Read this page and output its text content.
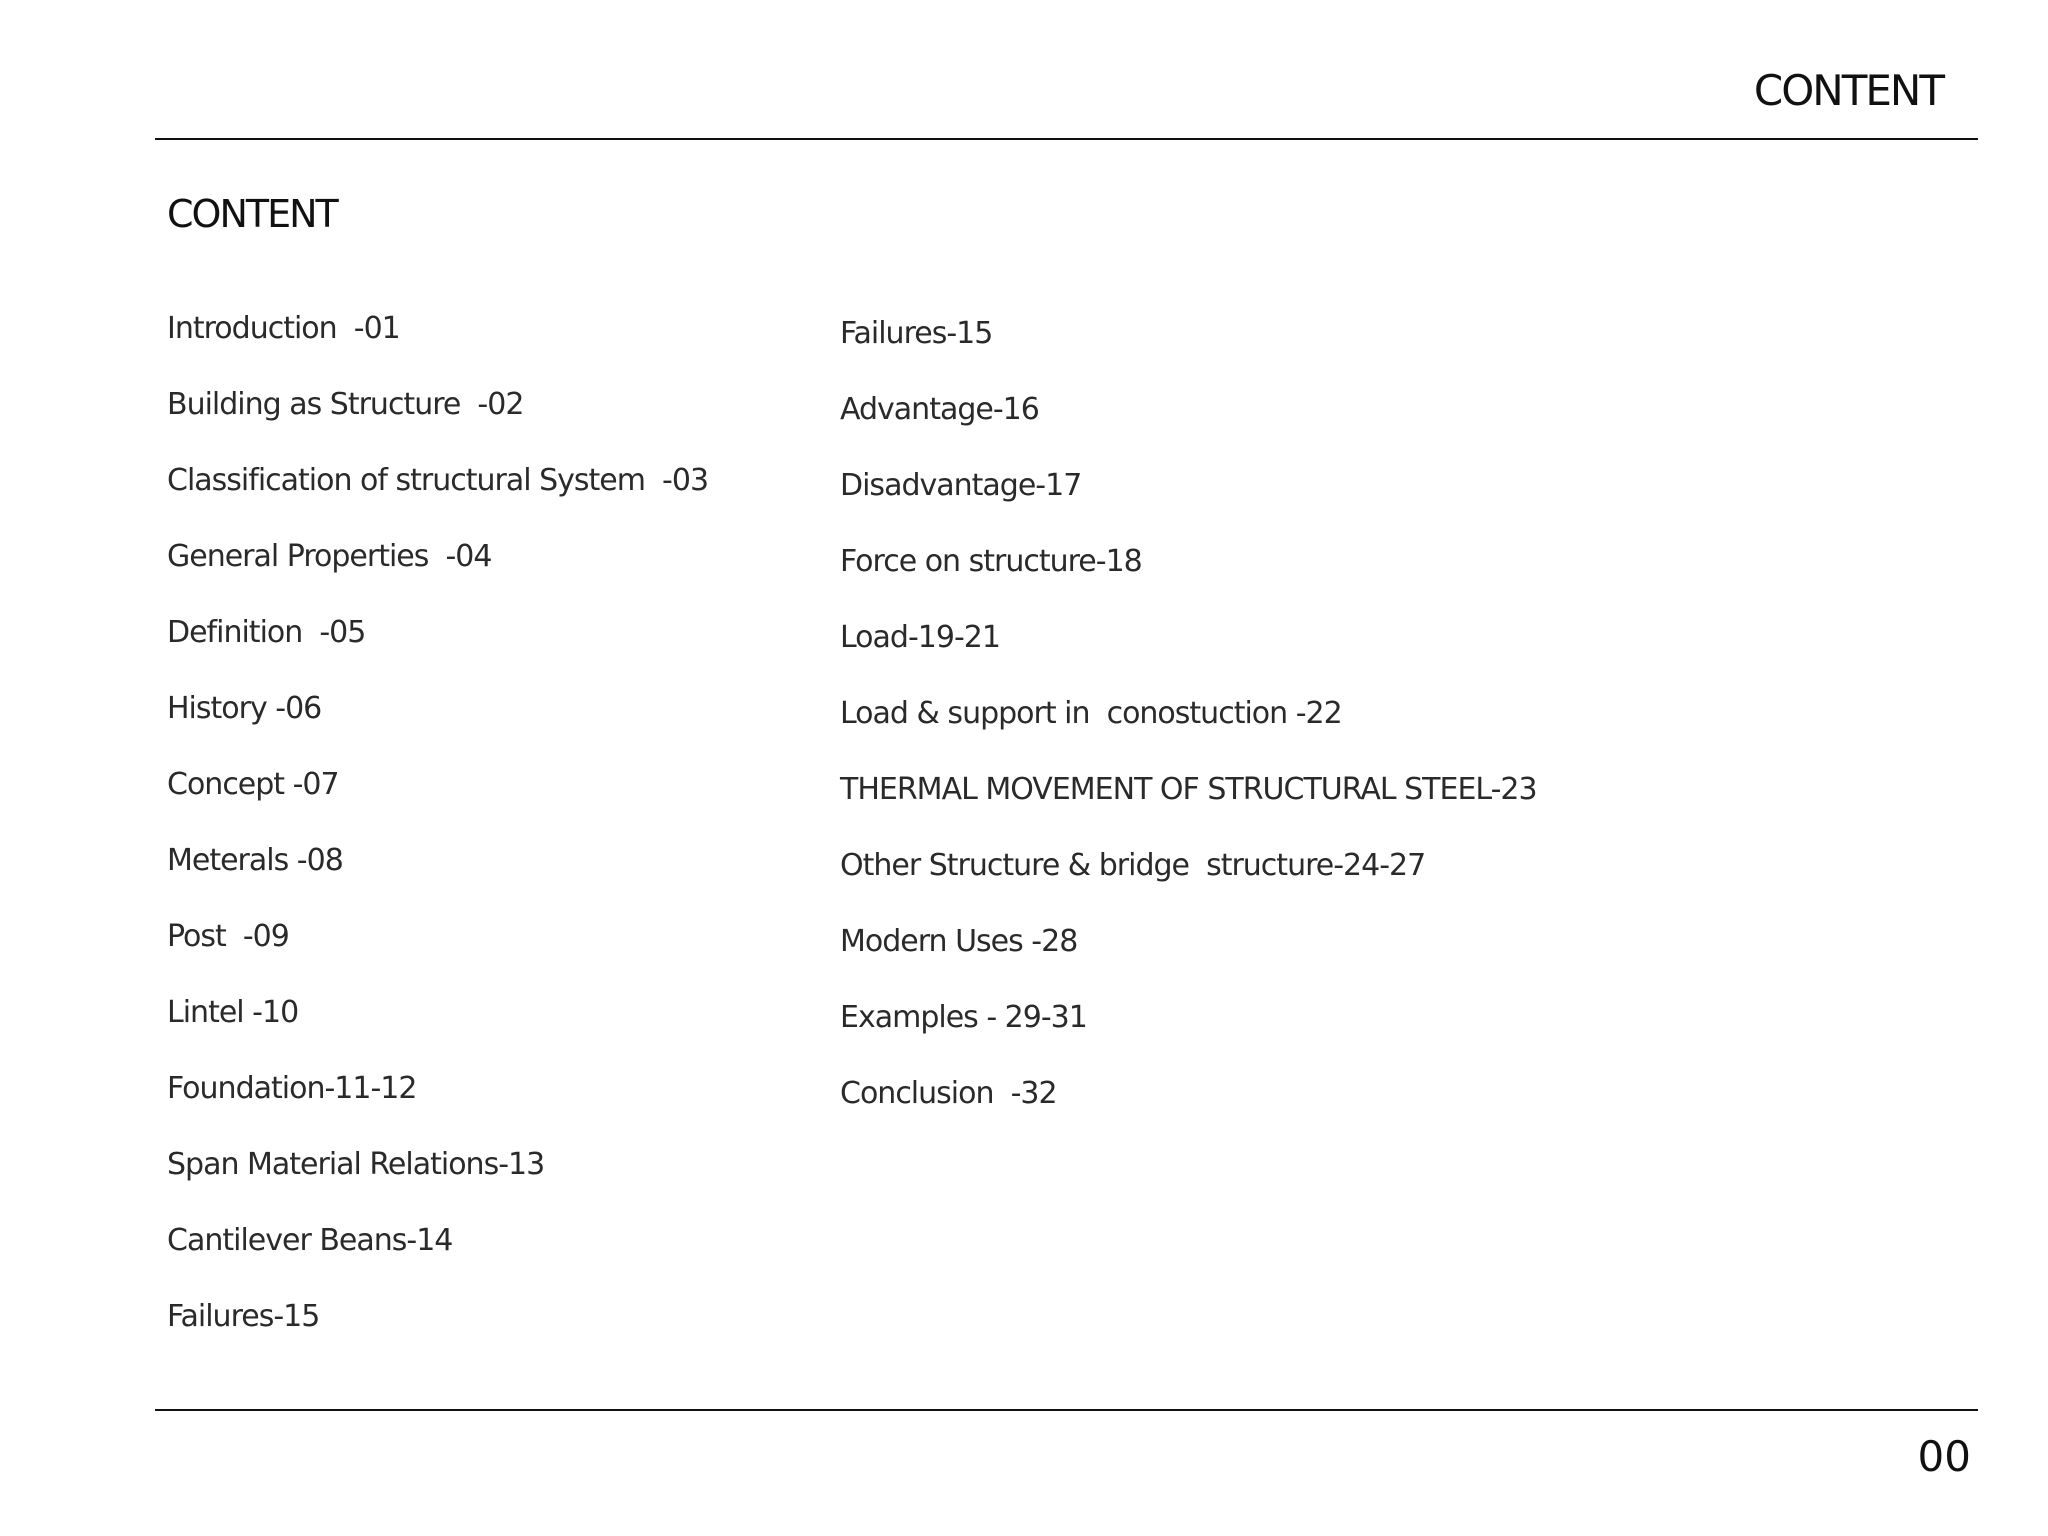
CONTENT
CONTENT
Introduction  -01
Building as Structure  -02
Classification of structural System  -03
General Properties  -04
Definition  -05
History -06
Concept -07
Meterals -08
Post  -09
Lintel -10
Foundation-11-12
Span Material Relations-13
Cantilever Beans-14
Failures-15
Failures-15
Advantage-16
Disadvantage-17
Force on structure-18
Load-19-21
Load & support in  conostuction -22
THERMAL MOVEMENT OF STRUCTURAL STEEL-23
Other Structure & bridge  structure-24-27
Modern Uses -28
Examples - 29-31
Conclusion  -32
00
